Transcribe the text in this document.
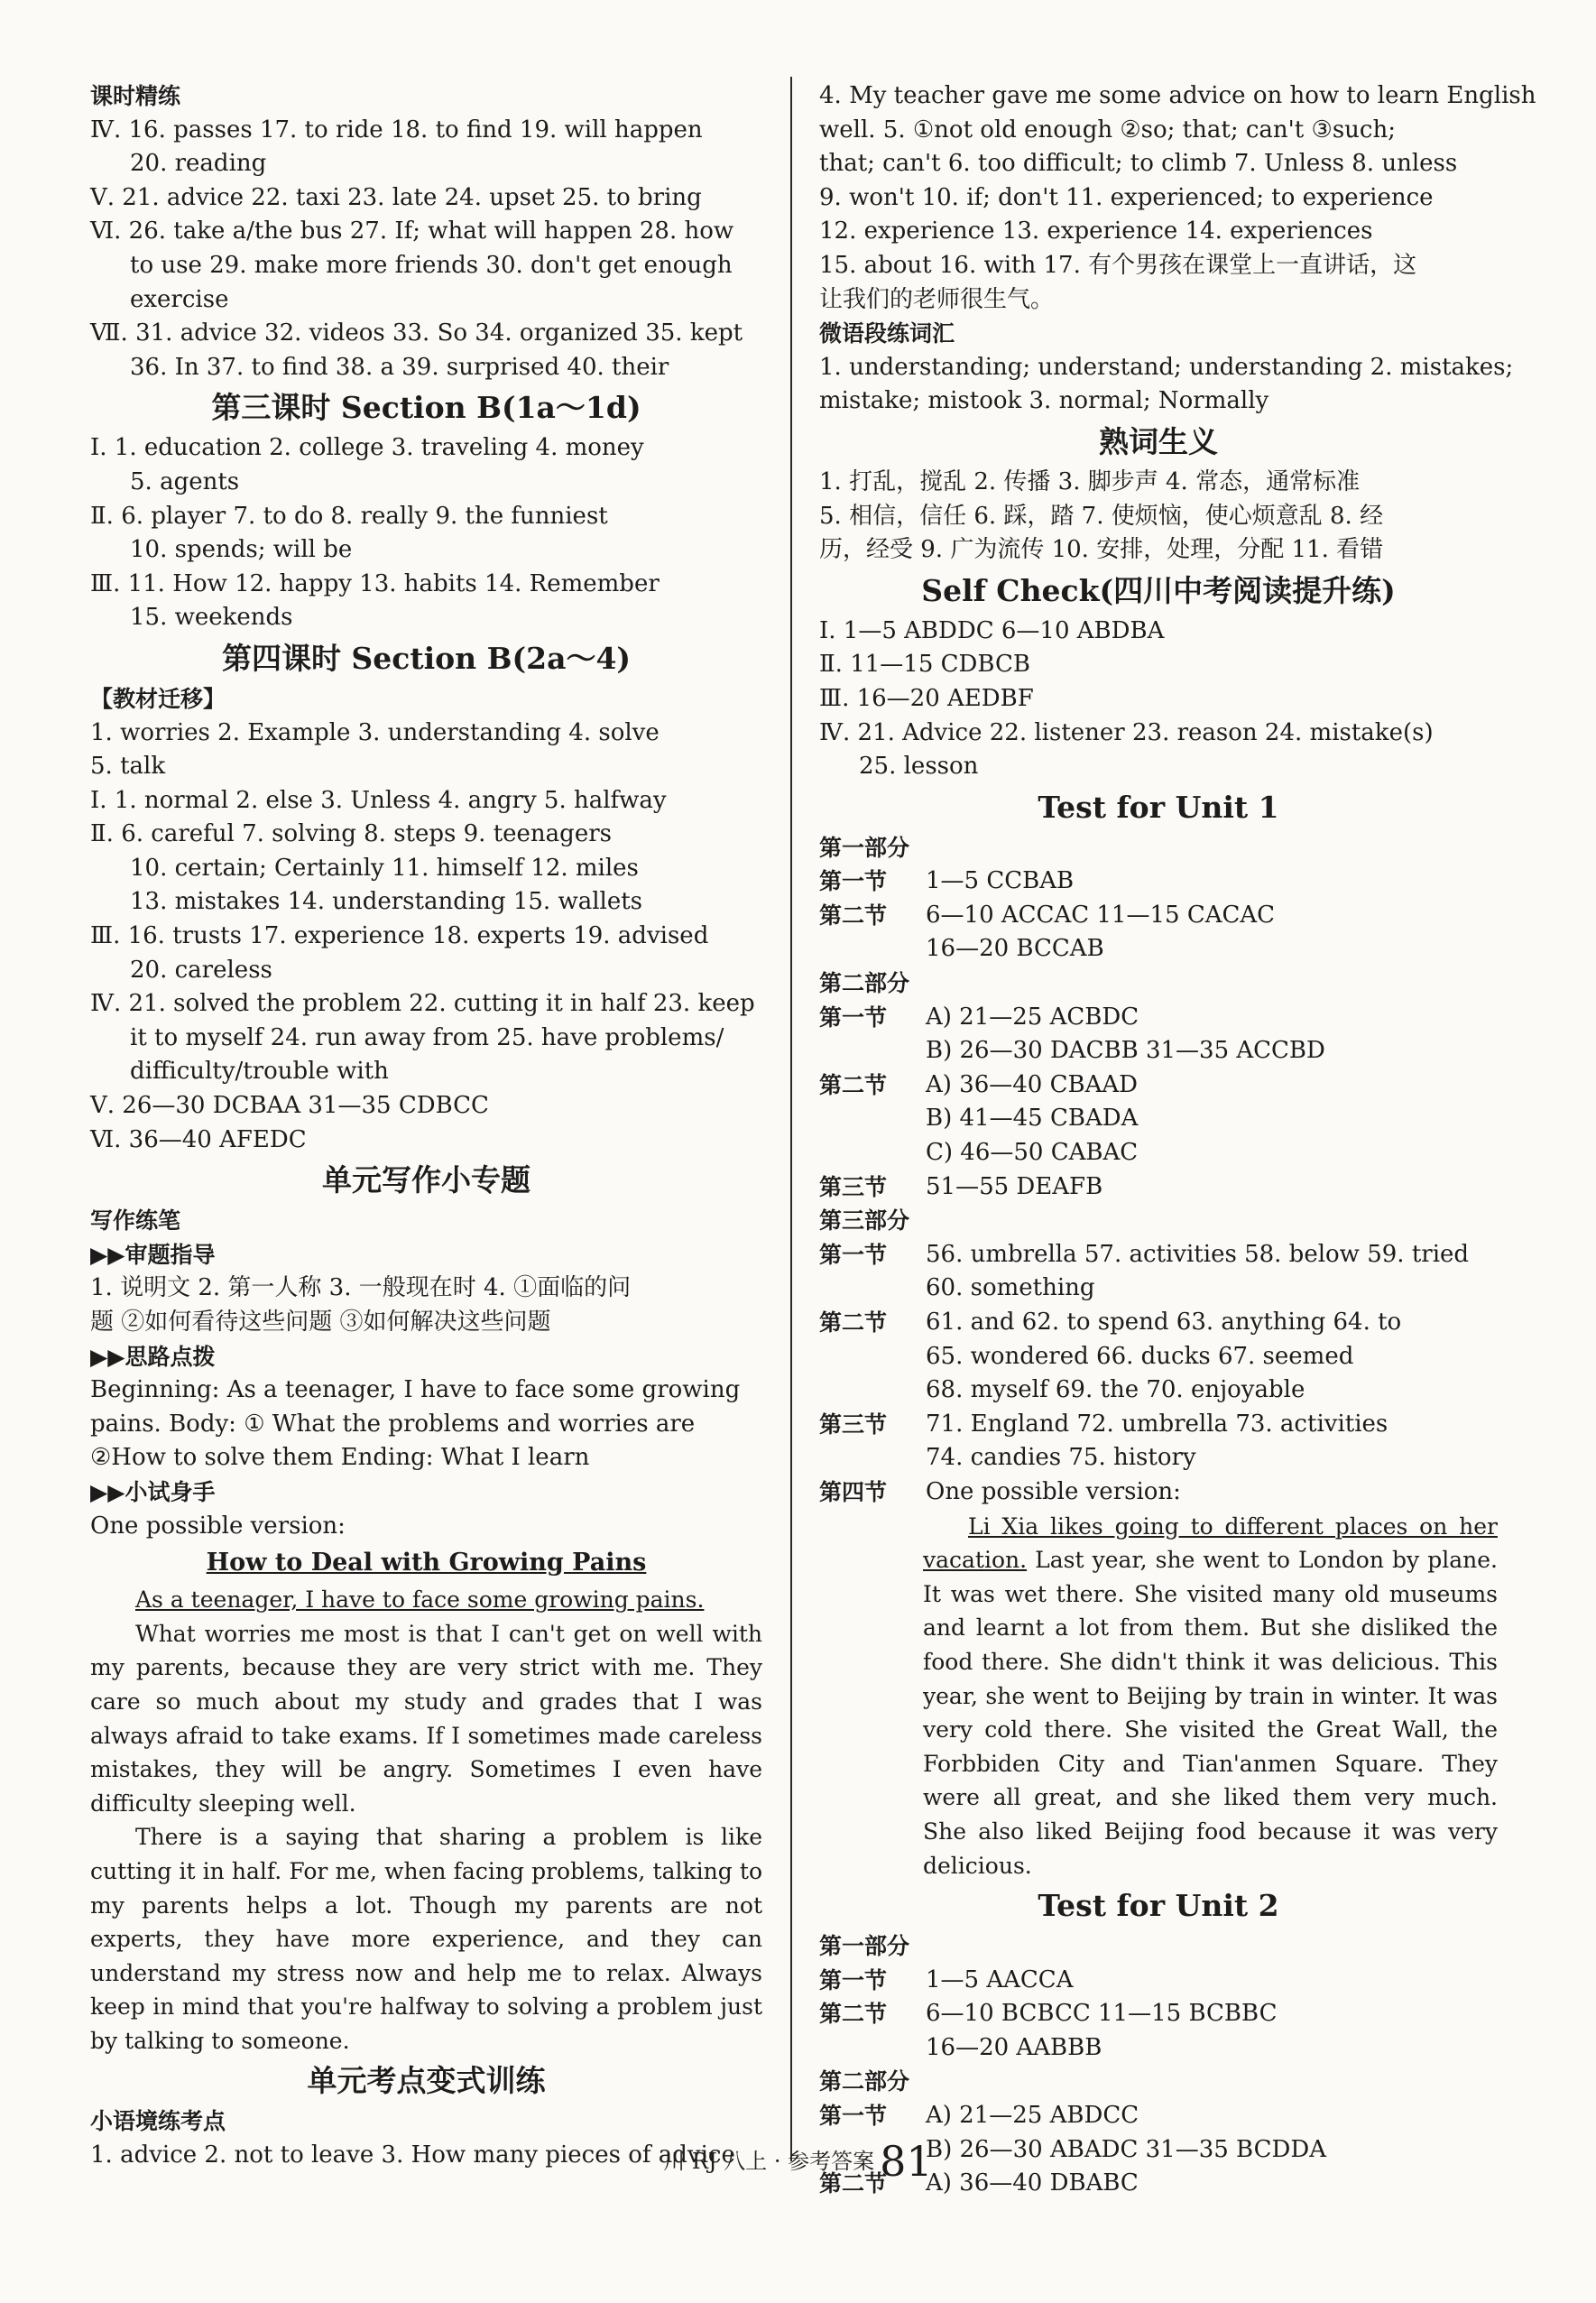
课时精练
Ⅳ. 16. passes 17. to ride 18. to find 19. will happen
20. reading
Ⅴ. 21. advice 22. taxi 23. late 24. upset 25. to bring
Ⅵ. 26. take a/the bus 27. If; what will happen 28. how
to use 29. make more friends 30. don't get enough
exercise
Ⅶ. 31. advice 32. videos 33. So 34. organized 35. kept
36. In 37. to find 38. a 39. surprised 40. their
第三课时 Section B(1a～1d)
Ⅰ. 1. education 2. college 3. traveling 4. money
5. agents
Ⅱ. 6. player 7. to do 8. really 9. the funniest
10. spends; will be
Ⅲ. 11. How 12. happy 13. habits 14. Remember
15. weekends
第四课时 Section B(2a～4)
【教材迁移】
1. worries 2. Example 3. understanding 4. solve
5. talk
Ⅰ. 1. normal 2. else 3. Unless 4. angry 5. halfway
Ⅱ. 6. careful 7. solving 8. steps 9. teenagers
10. certain; Certainly 11. himself 12. miles
13. mistakes 14. understanding 15. wallets
Ⅲ. 16. trusts 17. experience 18. experts 19. advised
20. careless
Ⅳ. 21. solved the problem 22. cutting it in half 23. keep
it to myself 24. run away from 25. have problems/
difficulty/trouble with
Ⅴ. 26—30 DCBAA 31—35 CDBCC
Ⅵ. 36—40 AFEDC
单元写作小专题
写作练笔
▶▶审题指导
1. 说明文 2. 第一人称 3. 一般现在时 4. ①面临的问
题 ②如何看待这些问题 ③如何解决这些问题
▶▶思路点拨
Beginning: As a teenager, I have to face some growing
pains. Body: ① What the problems and worries are
②How to solve them Ending: What I learn
▶▶小试身手
One possible version:
How to Deal with Growing Pains
As a teenager, I have to face some growing pains.
What worries me most is that I can't get on well with my parents, because they are very strict with me. They care so much about my study and grades that I was always afraid to take exams. If I sometimes made careless mistakes, they will be angry. Sometimes I even have difficulty sleeping well.
There is a saying that sharing a problem is like cutting it in half. For me, when facing problems, talking to my parents helps a lot. Though my parents are not experts, they have more experience, and they can understand my stress now and help me to relax. Always keep in mind that you're halfway to solving a problem just by talking to someone.
单元考点变式训练
小语境练考点
1. advice 2. not to leave 3. How many pieces of advice
4. My teacher gave me some advice on how to learn English
well. 5. ①not old enough ②so; that; can't ③such;
that; can't 6. too difficult; to climb 7. Unless 8. unless
9. won't 10. if; don't 11. experienced; to experience
12. experience 13. experience 14. experiences
15. about 16. with 17. 有个男孩在课堂上一直讲话，这
让我们的老师很生气。
微语段练词汇
1. understanding; understand; understanding 2. mistakes;
mistake; mistook 3. normal; Normally
熟词生义
1. 打乱，搅乱 2. 传播 3. 脚步声 4. 常态，通常标准
5. 相信，信任 6. 踩，踏 7. 使烦恼，使心烦意乱 8. 经
历，经受 9. 广为流传 10. 安排，处理，分配 11. 看错
Self Check(四川中考阅读提升练)
Ⅰ. 1—5 ABDDC 6—10 ABDBA
Ⅱ. 11—15 CDBCB
Ⅲ. 16—20 AEDBF
Ⅳ. 21. Advice 22. listener 23. reason 24. mistake(s)
25. lesson
Test for Unit 1
第一部分
第一节	1—5 CCBAB
第二节	6—10 ACCAC 11—15 CACAC
16—20 BCCAB
第二部分
第一节	A) 21—25 ACBDC
B) 26—30 DACBB 31—35 ACCBD
第二节	A) 36—40 CBAAD
B) 41—45 CBADA
C) 46—50 CABAC
第三节	51—55 DEAFB
第三部分
第一节	56. umbrella 57. activities 58. below 59. tried
60. something
第二节	61. and 62. to spend 63. anything 64. to
65. wondered 66. ducks 67. seemed
68. myself 69. the 70. enjoyable
第三节	71. England 72. umbrella 73. activities
74. candies 75. history
第四节	One possible version:
Li Xia likes going to different places on her vacation. Last year, she went to London by plane. It was wet there. She visited many old museums and learnt a lot from them. But she disliked the food there. She didn't think it was delicious. This year, she went to Beijing by train in winter. It was very cold there. She visited the Great Wall, the Forbbiden City and Tian'anmen Square. They were all great, and she liked them very much. She also liked Beijing food because it was very delicious.
Test for Unit 2
第一部分
第一节	1—5 AACCA
第二节	6—10 BCBCC 11—15 BCBBC
16—20 AABBB
第二部分
第一节	A) 21—25 ABDCC
B) 26—30 ABADC 31—35 BCDDA
第二节	A) 36—40 DBABC
川 RJ 八上 · 参考答案 81
